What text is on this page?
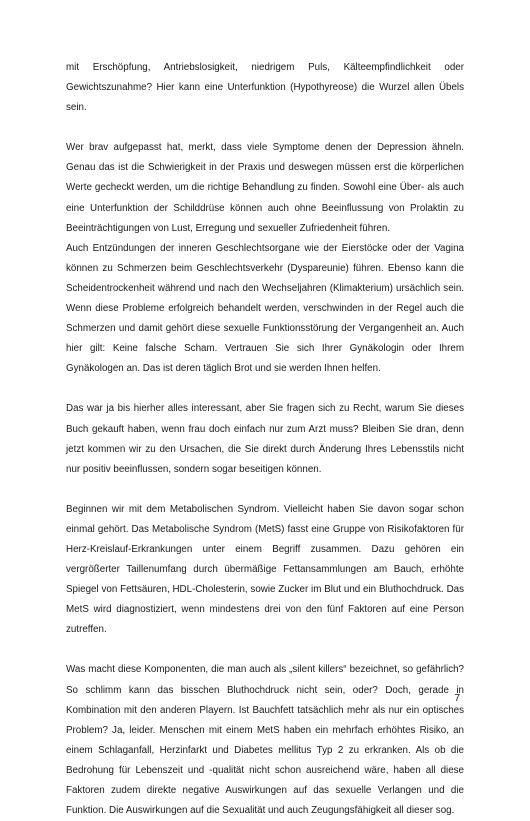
mit Erschöpfung, Antriebslosigkeit, niedrigem Puls, Kälteempfindlichkeit oder Gewichtszunahme? Hier kann eine Unterfunktion (Hypothyreose) die Wurzel allen Übels sein.

Wer brav aufgepasst hat, merkt, dass viele Symptome denen der Depression ähneln. Genau das ist die Schwierigkeit in der Praxis und deswegen müssen erst die körperlichen Werte gecheckt werden, um die richtige Behandlung zu finden. Sowohl eine Über- als auch eine Unterfunktion der Schilddrüse können auch ohne Beeinflussung von Prolaktin zu Beeinträchtigungen von Lust, Erregung und sexueller Zufriedenheit führen.

Auch Entzündungen der inneren Geschlechtsorgane wie der Eierstöcke oder der Vagina können zu Schmerzen beim Geschlechtsverkehr (Dyspareunie) führen. Ebenso kann die Scheidentrockenheit während und nach den Wechseljahren (Klimakterium) ursächlich sein. Wenn diese Probleme erfolgreich behandelt werden, verschwinden in der Regel auch die Schmerzen und damit gehört diese sexuelle Funktionsstörung der Vergangenheit an. Auch hier gilt: Keine falsche Scham. Vertrauen Sie sich Ihrer Gynäkologin oder Ihrem Gynäkologen an. Das ist deren täglich Brot und sie werden Ihnen helfen.

Das war ja bis hierher alles interessant, aber Sie fragen sich zu Recht, warum Sie dieses Buch gekauft haben, wenn frau doch einfach nur zum Arzt muss? Bleiben Sie dran, denn jetzt kommen wir zu den Ursachen, die Sie direkt durch Änderung Ihres Lebensstils nicht nur positiv beeinflussen, sondern sogar beseitigen können.

Beginnen wir mit dem Metabolischen Syndrom. Vielleicht haben Sie davon sogar schon einmal gehört. Das Metabolische Syndrom (MetS) fasst eine Gruppe von Risikofaktoren für Herz-Kreislauf-Erkrankungen unter einem Begriff zusammen. Dazu gehören ein vergrößerter Taillenumfang durch übermäßige Fettansammlungen am Bauch, erhöhte Spiegel von Fettsäuren, HDL-Cholesterin, sowie Zucker im Blut und ein Bluthochdruck. Das MetS wird diagnostiziert, wenn mindestens drei von den fünf Faktoren auf eine Person zutreffen.

Was macht diese Komponenten, die man auch als „silent killers“ bezeichnet, so gefährlich? So schlimm kann das bisschen Bluthochdruck nicht sein, oder? Doch, gerade in Kombination mit den anderen Playern. Ist Bauchfett tatsächlich mehr als nur ein optisches Problem? Ja, leider. Menschen mit einem MetS haben ein mehrfach erhöhtes Risiko, an einem Schlaganfall, Herzinfarkt und Diabetes mellitus Typ 2 zu erkranken. Als ob die Bedrohung für Lebenszeit und -qualität nicht schon ausreichend wäre, haben all diese Faktoren zudem direkte negative Auswirkungen auf das sexuelle Verlangen und die Funktion. Die Auswirkungen auf die Sexualität und auch Zeugungsfähigkeit all dieser sog.

7
